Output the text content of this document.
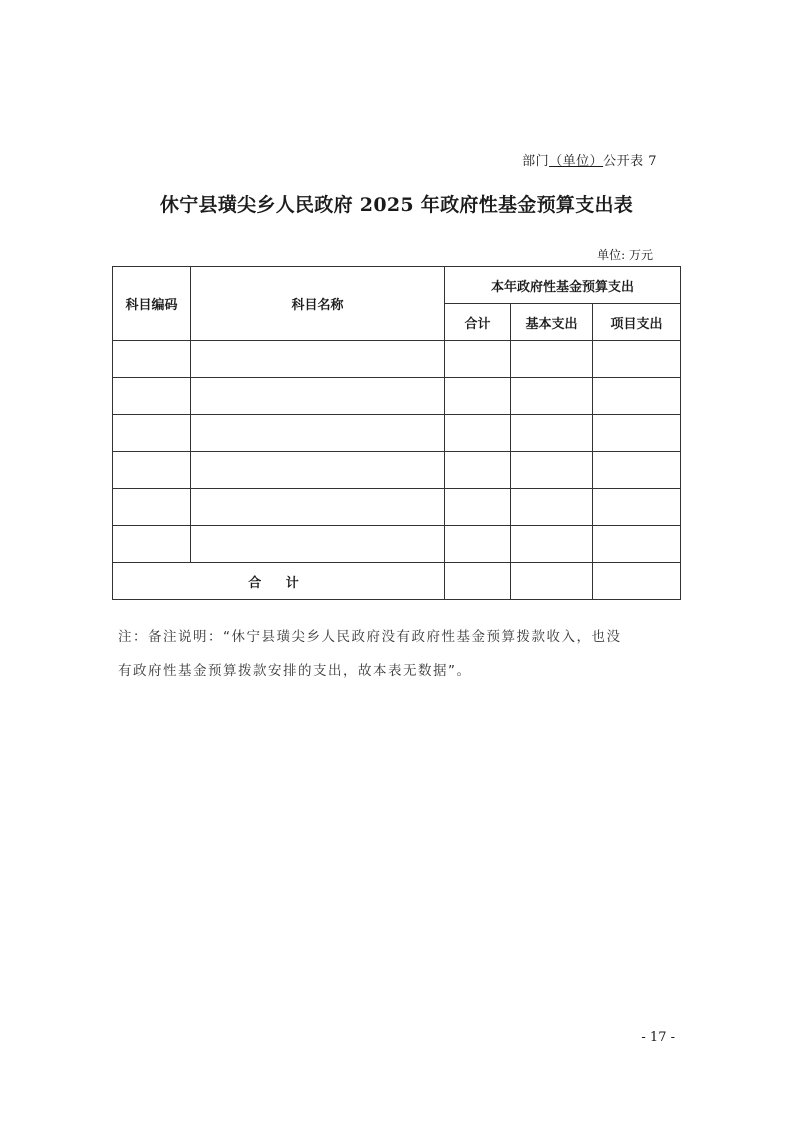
部门（单位）公开表 7
休宁县璜尖乡人民政府 2025 年政府性基金预算支出表
单位: 万元
科目编码	科目名称	本年政府性基金预算支出		
		合计	基本支出	项目支出

合 计				
注：备注说明：“休宁县璜尖乡人民政府没有政府性基金预算拨款收入，也没
有政府性基金预算拨款安排的支出，故本表无数据”。
- 17 -
